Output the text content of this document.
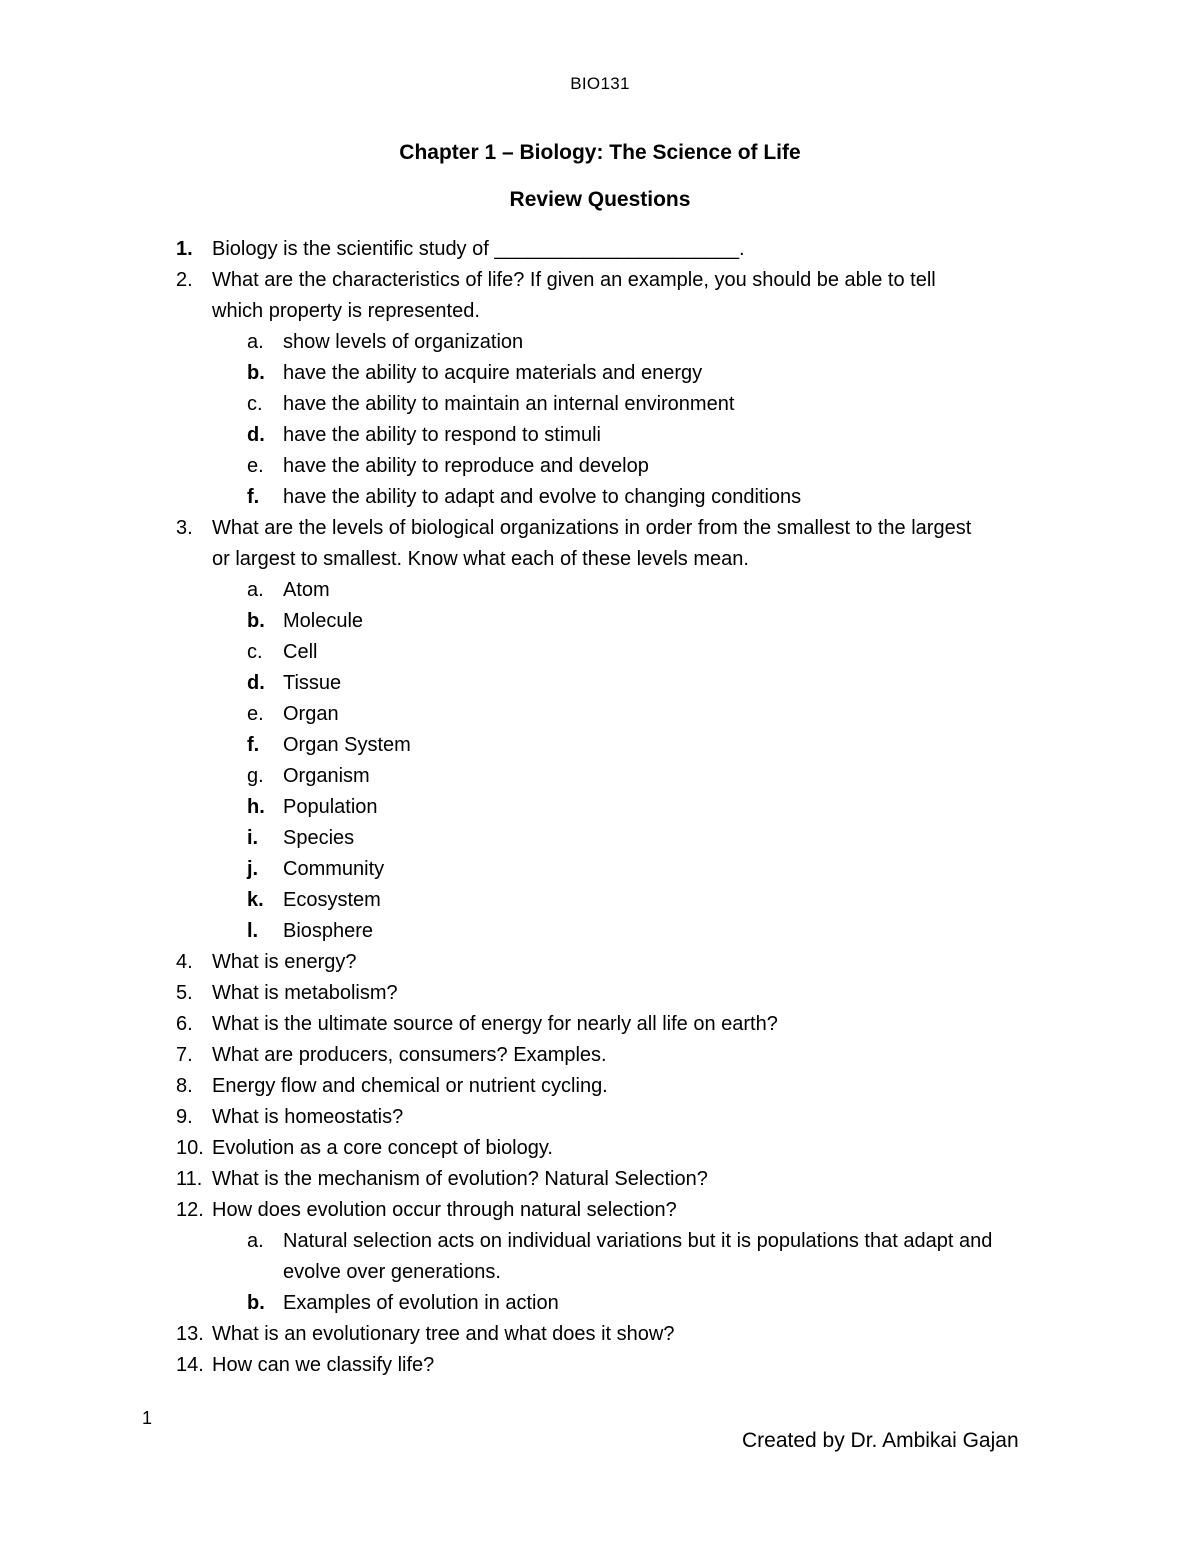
BIO131
Chapter 1 – Biology: The Science of Life
Review Questions
1. Biology is the scientific study of ______________________.
2. What are the characteristics of life? If given an example, you should be able to tell
which property is represented.
a. show levels of organization
b. have the ability to acquire materials and energy
c. have the ability to maintain an internal environment
d. have the ability to respond to stimuli
e. have the ability to reproduce and develop
f. have the ability to adapt and evolve to changing conditions
3. What are the levels of biological organizations in order from the smallest to the largest
or largest to smallest. Know what each of these levels mean.
a. Atom
b. Molecule
c. Cell
d. Tissue
e. Organ
f. Organ System
g. Organism
h. Population
i. Species
j. Community
k. Ecosystem
l. Biosphere
4. What is energy?
5. What is metabolism?
6. What is the ultimate source of energy for nearly all life on earth?
7. What are producers, consumers? Examples.
8. Energy flow and chemical or nutrient cycling.
9. What is homeostatis?
10. Evolution as a core concept of biology.
11. What is the mechanism of evolution? Natural Selection?
12. How does evolution occur through natural selection?
a. Natural selection acts on individual variations but it is populations that adapt and
evolve over generations.
b. Examples of evolution in action
13. What is an evolutionary tree and what does it show?
14. How can we classify life?
1
Created by Dr. Ambikai Gajan
